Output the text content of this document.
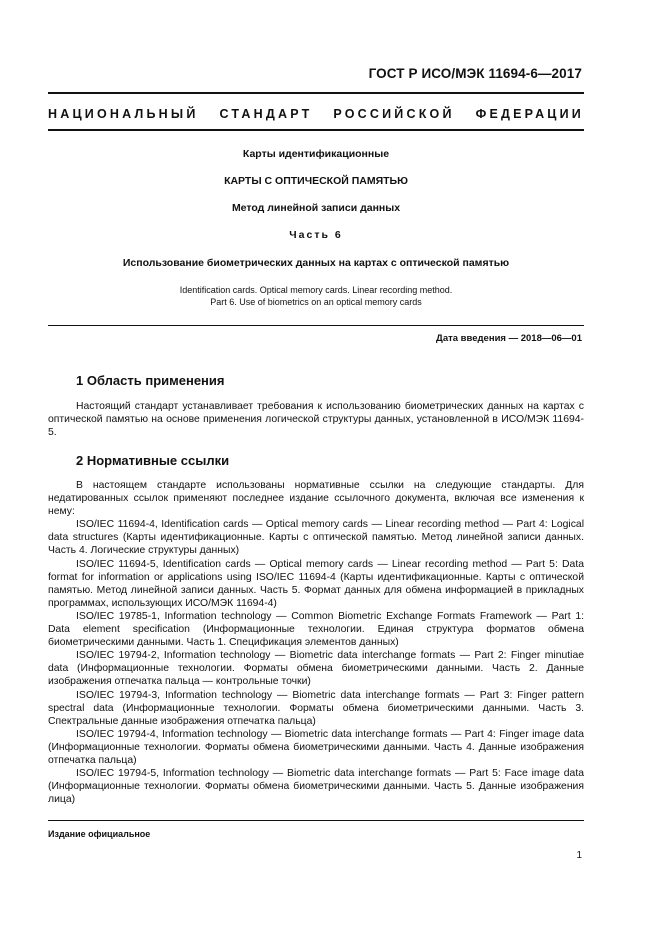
ГОСТ Р ИСО/МЭК 11694-6—2017
НАЦИОНАЛЬНЫЙ СТАНДАРТ РОССИЙСКОЙ ФЕДЕРАЦИИ
Карты идентификационные
КАРТЫ С ОПТИЧЕСКОЙ ПАМЯТЬЮ
Метод линейной записи данных
Часть 6
Использование биометрических данных на картах с оптической памятью
Identification cards. Optical memory cards. Linear recording method.
Part 6. Use of biometrics on an optical memory cards
Дата введения — 2018—06—01
1 Область применения

Настоящий стандарт устанавливает требования к использованию биометрических данных на картах с оптической памятью на основе применения логической структуры данных, установленной в ИСО/МЭК 11694-5.

2 Нормативные ссылки

В настоящем стандарте использованы нормативные ссылки на следующие стандарты. Для недатированных ссылок применяют последнее издание ссылочного документа, включая все изменения к нему:

ISO/IEC 11694-4, Identification cards — Optical memory cards — Linear recording method — Part 4: Logical data structures (Карты идентификационные. Карты с оптической памятью. Метод линейной записи данных. Часть 4. Логические структуры данных)

ISO/IEC 11694-5, Identification cards — Optical memory cards — Linear recording method — Part 5: Data format for information or applications using ISO/IEC 11694-4 (Карты идентификационные. Карты с оптической памятью. Метод линейной записи данных. Часть 5. Формат данных для обмена информацией в прикладных программах, использующих ИСО/МЭК 11694-4)

ISO/IEC 19785-1, Information technology — Common Biometric Exchange Formats Framework — Part 1: Data element specification (Информационные технологии. Единая структура форматов обмена биометрическими данными. Часть 1. Спецификация элементов данных)

ISO/IEC 19794-2, Information technology — Biometric data interchange formats — Part 2: Finger minutiae data (Информационные технологии. Форматы обмена биометрическими данными. Часть 2. Данные изображения отпечатка пальца — контрольные точки)

ISO/IEC 19794-3, Information technology — Biometric data interchange formats — Part 3: Finger pattern spectral data (Информационные технологии. Форматы обмена биометрическими данными. Часть 3. Спектральные данные изображения отпечатка пальца)

ISO/IEC 19794-4, Information technology — Biometric data interchange formats — Part 4: Finger image data (Информационные технологии. Форматы обмена биометрическими данными. Часть 4. Данные изображения отпечатка пальца)

ISO/IEC 19794-5, Information technology — Biometric data interchange formats — Part 5: Face image data (Информационные технологии. Форматы обмена биометрическими данными. Часть 5. Данные изображения лица)

Издание официальное
1
